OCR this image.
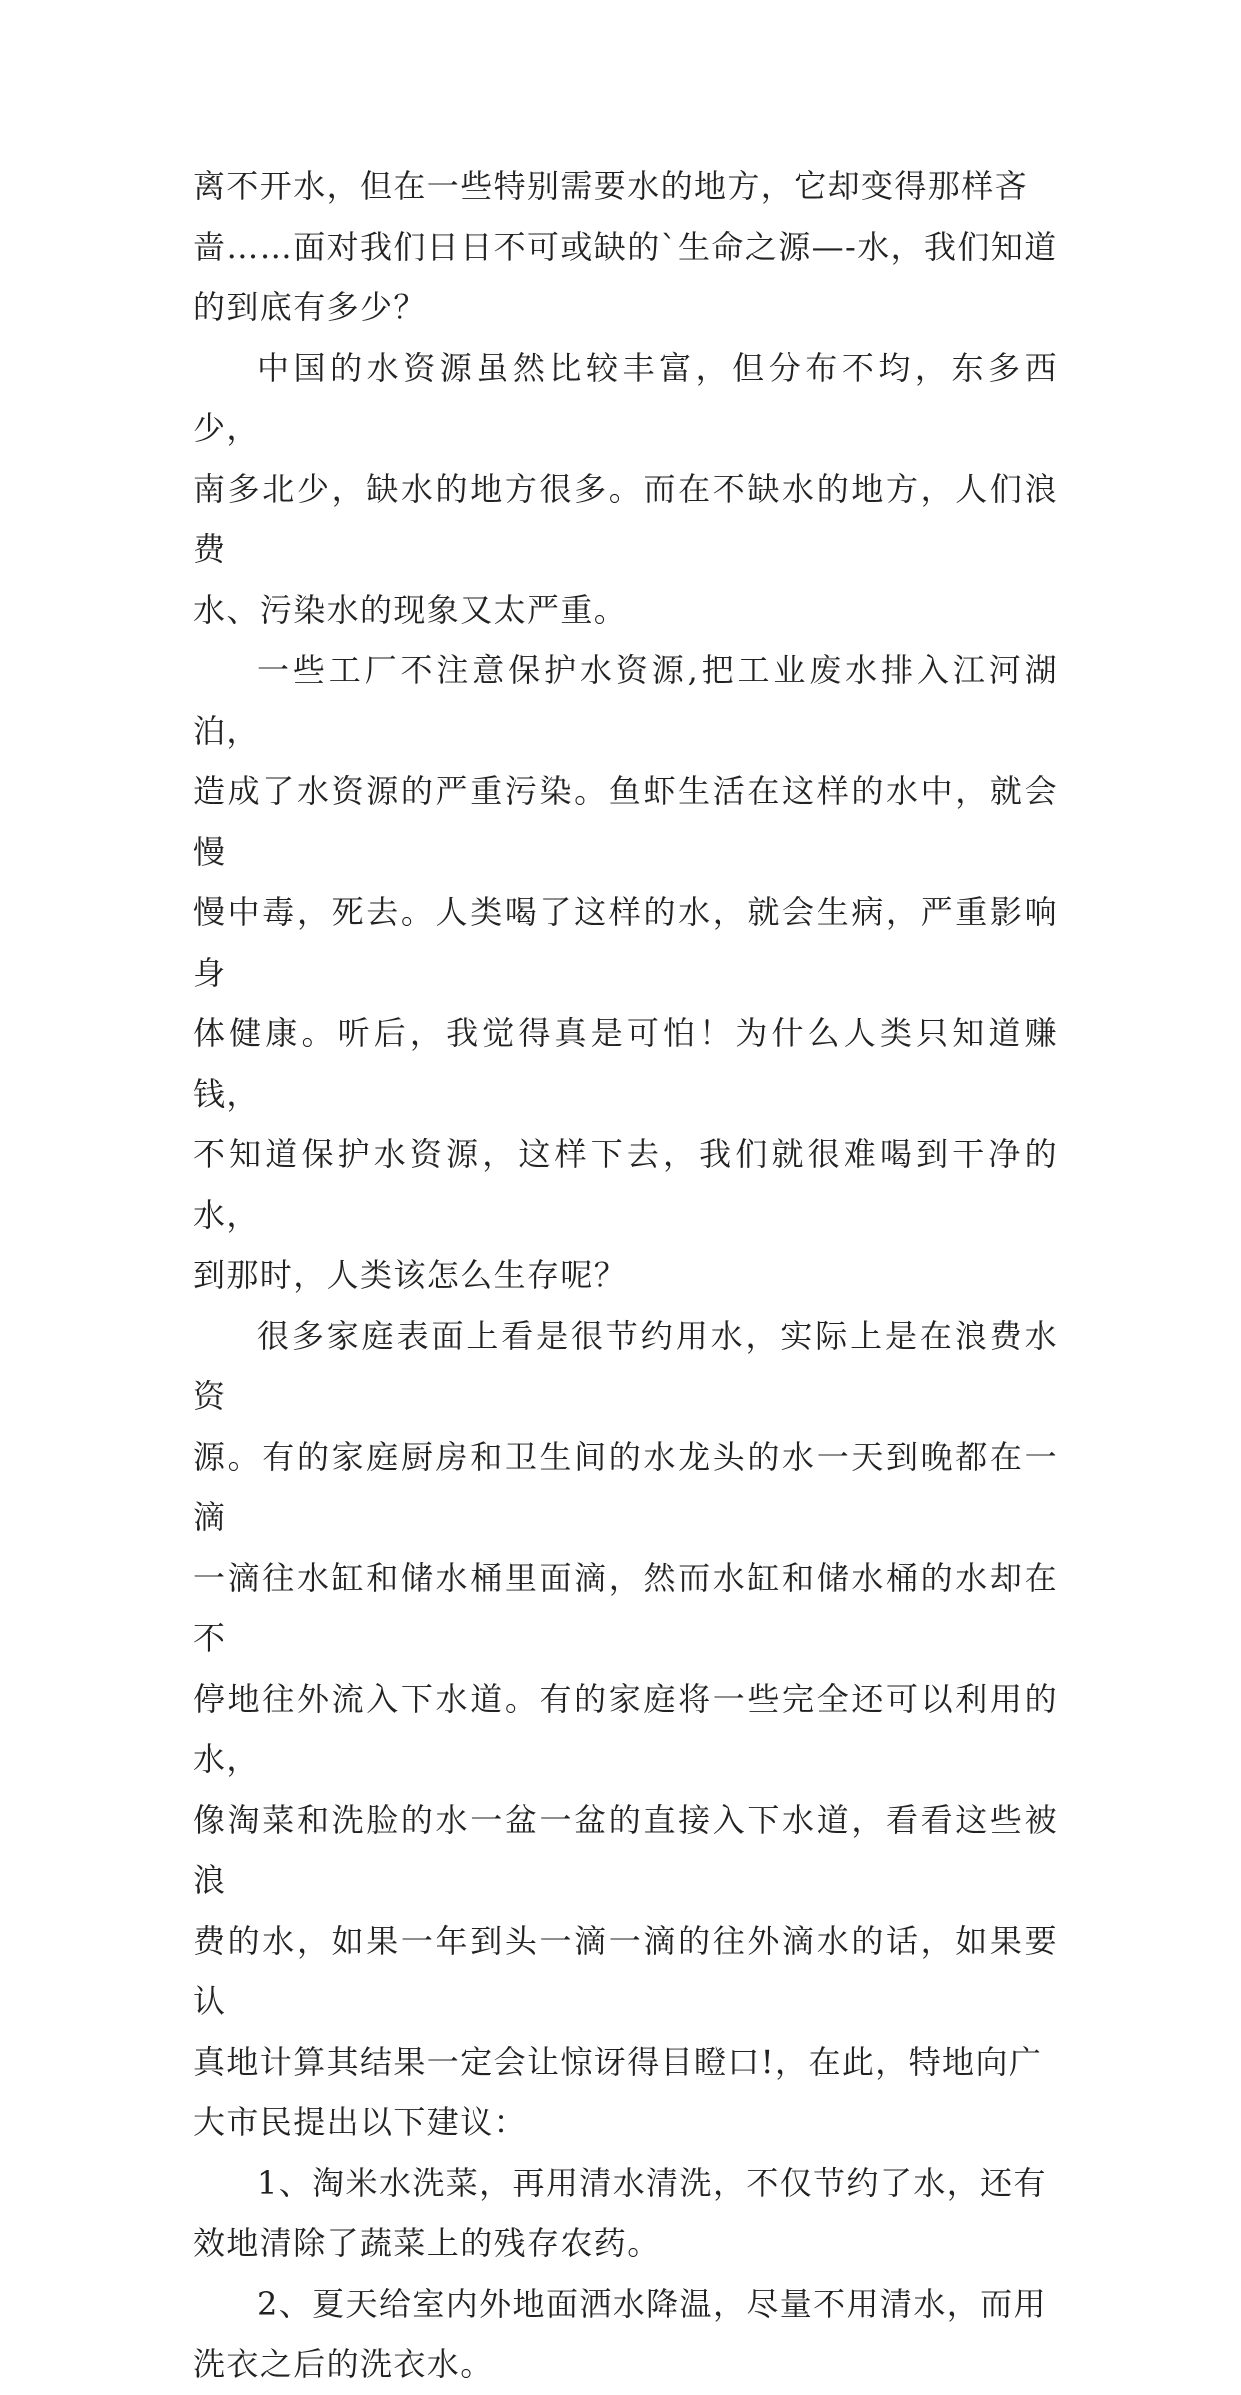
离不开水，但在一些特别需要水的地方，它却变得那样吝
啬……面对我们日日不可或缺的`生命之源—-水，我们知道
的到底有多少？

中国的水资源虽然比较丰富，但分布不均，东多西少，
南多北少，缺水的地方很多。而在不缺水的地方，人们浪费
水、污染水的现象又太严重。

一些工厂不注意保护水资源,把工业废水排入江河湖泊，
造成了水资源的严重污染。鱼虾生活在这样的水中，就会慢
慢中毒，死去。人类喝了这样的水，就会生病，严重影响身
体健康。听后，我觉得真是可怕！为什么人类只知道赚钱，
不知道保护水资源，这样下去，我们就很难喝到干净的水，
到那时，人类该怎么生存呢？

很多家庭表面上看是很节约用水，实际上是在浪费水资
源。有的家庭厨房和卫生间的水龙头的水一天到晚都在一滴
一滴往水缸和储水桶里面滴，然而水缸和储水桶的水却在不
停地往外流入下水道。有的家庭将一些完全还可以利用的水，
像淘菜和洗脸的水一盆一盆的直接入下水道，看看这些被浪
费的水，如果一年到头一滴一滴的往外滴水的话，如果要认
真地计算其结果一定会让惊讶得目瞪口!，在此，特地向广
大市民提出以下建议：

1、淘米水洗菜，再用清水清洗，不仅节约了水，还有
效地清除了蔬菜上的残存农药。

2、夏天给室内外地面洒水降温，尽量不用清水，而用
洗衣之后的洗衣水。
